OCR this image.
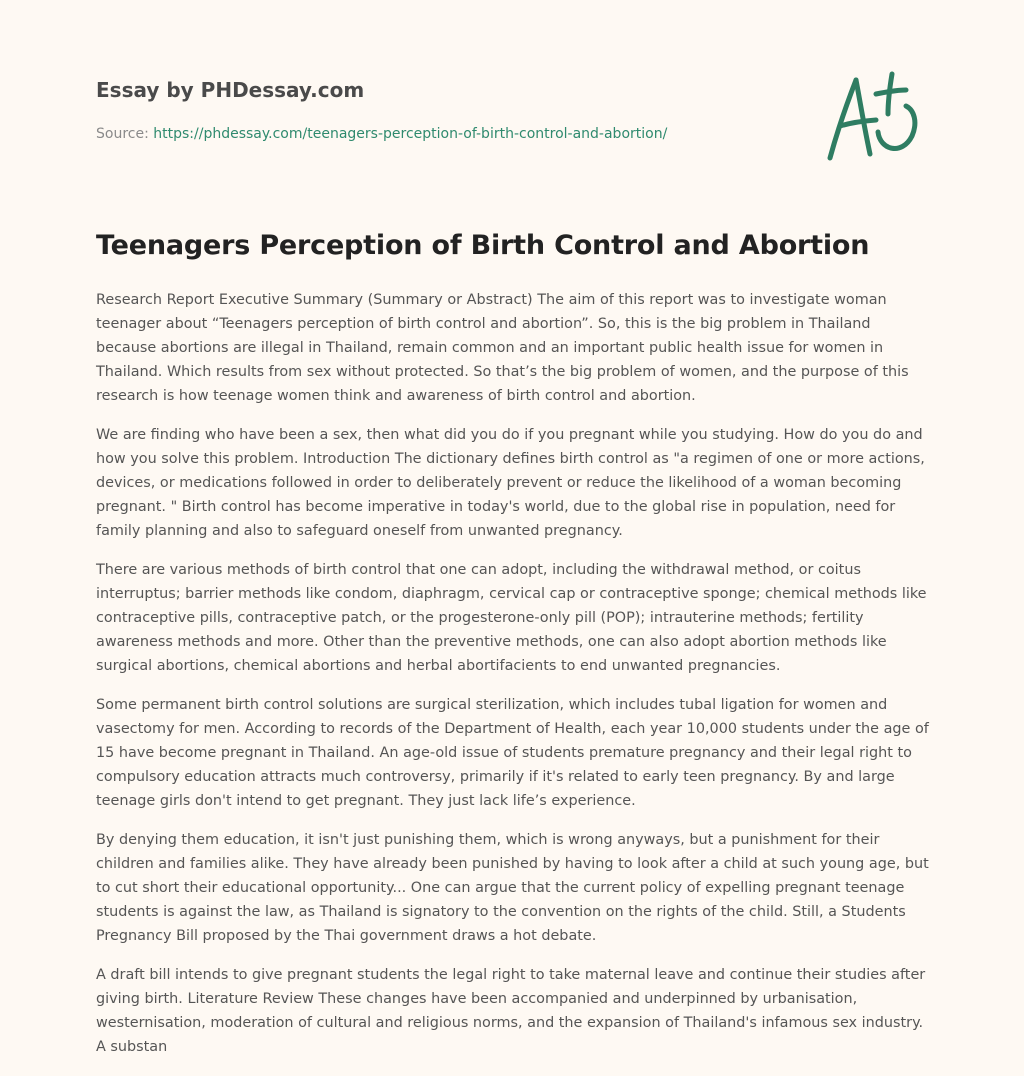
Essay by PHDessay.com
Source: https://phdessay.com/teenagers-perception-of-birth-control-and-abortion/
Teenagers Perception of Birth Control and Abortion

Research Report Executive Summary (Summary or Abstract) The aim of this report was to investigate woman teenager about “Teenagers perception of birth control and abortion”. So, this is the big problem in Thailand because abortions are illegal in Thailand, remain common and an important public health issue for women in Thailand. Which results from sex without protected. So that’s the big problem of women, and the purpose of this research is how teenage women think and awareness of birth control and abortion.

We are finding who have been a sex, then what did you do if you pregnant while you studying. How do you do and how you solve this problem. Introduction The dictionary defines birth control as "a regimen of one or more actions, devices, or medications followed in order to deliberately prevent or reduce the likelihood of a woman becoming pregnant. " Birth control has become imperative in today's world, due to the global rise in population, need for family planning and also to safeguard oneself from unwanted pregnancy.

There are various methods of birth control that one can adopt, including the withdrawal method, or coitus interruptus; barrier methods like condom, diaphragm, cervical cap or contraceptive sponge; chemical methods like contraceptive pills, contraceptive patch, or the progesterone-only pill (POP); intrauterine methods; fertility awareness methods and more. Other than the preventive methods, one can also adopt abortion methods like surgical abortions, chemical abortions and herbal abortifacients to end unwanted pregnancies.

Some permanent birth control solutions are surgical sterilization, which includes tubal ligation for women and vasectomy for men. According to records of the Department of Health, each year 10,000 students under the age of 15 have become pregnant in Thailand. An age-old issue of students premature pregnancy and their legal right to compulsory education attracts much controversy, primarily if it's related to early teen pregnancy. By and large teenage girls don't intend to get pregnant. They just lack life’s experience.

By denying them education, it isn't just punishing them, which is wrong anyways, but a punishment for their children and families alike. They have already been punished by having to look after a child at such young age, but to cut short their educational opportunity... One can argue that the current policy of expelling pregnant teenage students is against the law, as Thailand is signatory to the convention on the rights of the child. Still, a Students Pregnancy Bill proposed by the Thai government draws a hot debate.

A draft bill intends to give pregnant students the legal right to take maternal leave and continue their studies after giving birth. Literature Review These changes have been accompanied and underpinned by urbanisation, westernisation, moderation of cultural and religious norms, and the expansion of Thailand's infamous sex industry. A substan
